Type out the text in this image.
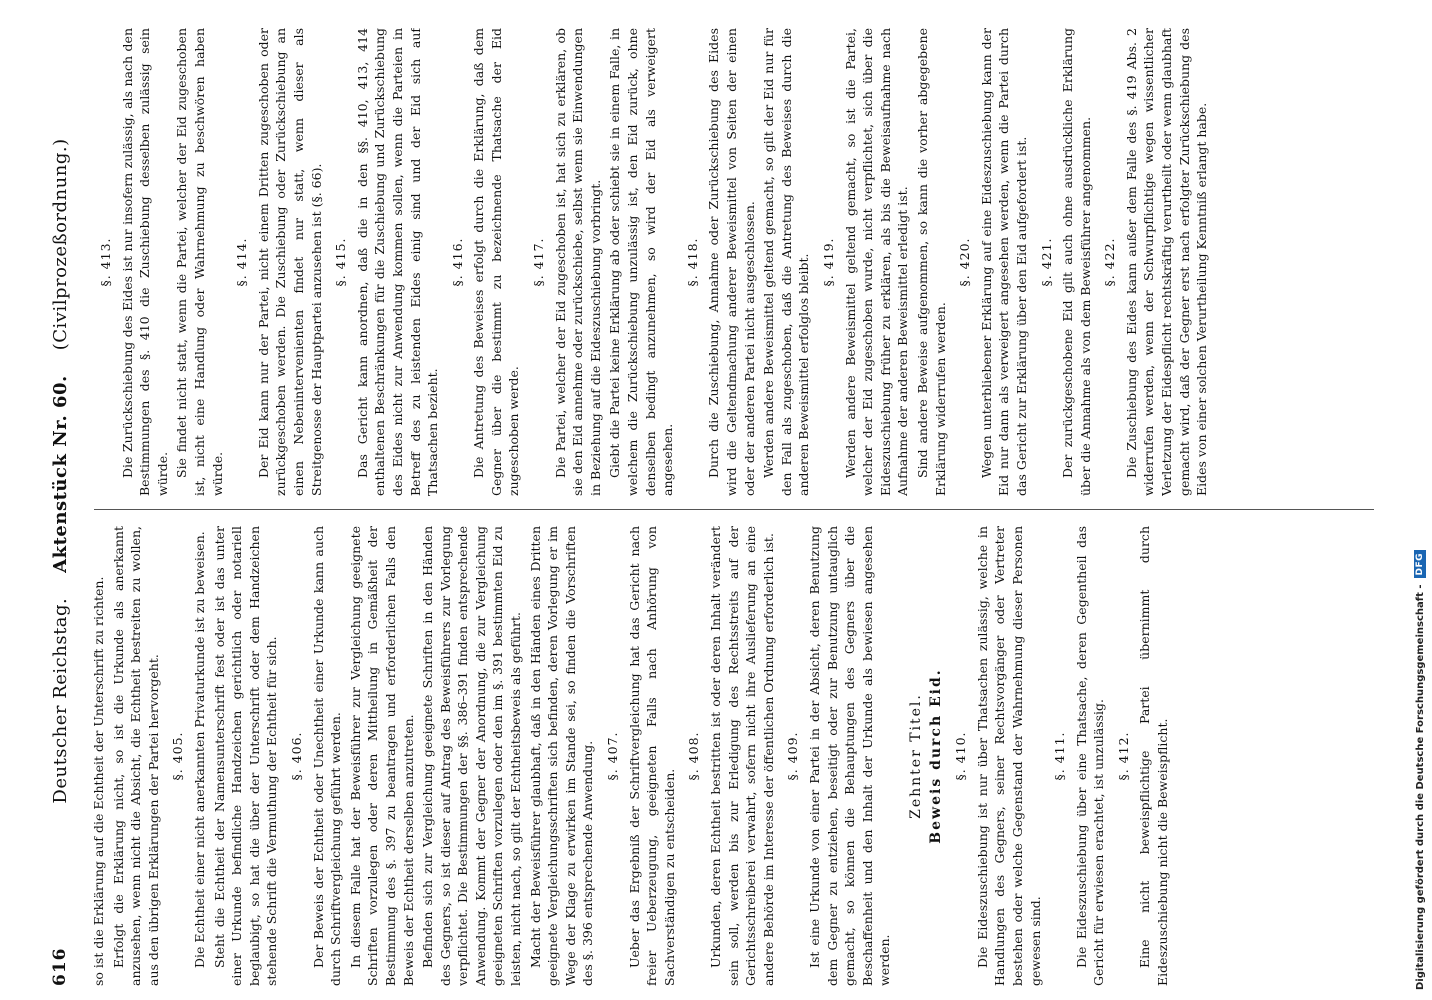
616
Deutscher Reichstag.    Aktenstück Nr. 60.    (Civilprozeßordnung.)

so ist die Erklärung auf die Echtheit der Unterschrift zu richten. Erfolgt die Erklärung nicht, so ist die Urkunde als anerkannt anzusehen, wenn nicht die Absicht, die Echtheit bestreiten zu wollen, aus den übrigen Erklärungen der Partei hervorgeht. §. 405. Die Echtheit einer nicht anerkannten Privaturkunde ist zu beweisen. Steht die Echtheit der Namensunterschrift fest oder ist das unter einer Urkunde befindliche Handzeichen gerichtlich oder notariell beglaubigt, so hat die über der Unterschrift oder dem Handzeichen stehende Schrift die Vermuthung der Echtheit für sich. §. 406. Der Beweis der Echtheit oder Unechtheit einer Urkunde kann auch durch Schriftvergleichung geführt werden. In diesem Falle hat der Beweisführer zur Vergleichung geeignete Schriften vorzulegen oder deren Mittheilung in Gemäßheit der Bestimmung des §. 397 zu beantragen und erforderlichen Falls den Beweis der Echtheit derselben anzutreten. Befinden sich zur Vergleichung geeignete Schriften in den Händen des Gegners, so ist dieser auf Antrag des Beweisführers zur Vorlegung verpflichtet. Die Bestimmungen der §§. 386–391 finden entsprechende Anwendung. Kommt der Gegner der Anordnung, die zur Vergleichung geeigneten Schriften vorzulegen oder den im §. 391 bestimmten Eid zu leisten, nicht nach, so gilt der Echtheitsbeweis als geführt. Macht der Beweisführer glaubhaft, daß in den Händen eines Dritten geeignete Vergleichungsschriften sich befinden, deren Vorlegung er im Wege der Klage zu erwirken im Stande sei, so finden die Vorschriften des §. 396 entsprechende Anwendung. §. 407. Ueber das Ergebniß der Schriftvergleichung hat das Gericht nach freier Ueberzeugung, geeigneten Falls nach Anhörung von Sachverständigen zu entscheiden.

§. 408. Urkunden, deren Echtheit bestritten ist oder deren Inhalt verändert sein soll, werden bis zur Erledigung des Rechtsstreits auf der Gerichtsschreiberei verwahrt, sofern nicht ihre Auslieferung an eine andere Behörde im Interesse der öffentlichen Ordnung erforderlich ist. §. 409. Ist eine Urkunde von einer Partei in der Absicht, deren Benutzung dem Gegner zu entziehen, beseitigt oder zur Benutzung untauglich gemacht, so können die Behauptungen des Gegners über die Beschaffenheit und den Inhalt der Urkunde als bewiesen angesehen werden.

Zehnter Titel. Beweis durch Eid. §. 410. Die Eideszuschiebung ist nur über Thatsachen zulässig, welche in Handlungen des Gegners, seiner Rechtsvorgänger oder Vertreter bestehen oder welche Gegenstand der Wahrnehmung dieser Personen gewesen sind.

§. 411. Die Eideszuschiebung über eine Thatsache, deren Gegentheil das Gericht für erwiesen erachtet, ist unzulässig. §. 412. Eine nicht beweispflichtige Partei übernimmt durch Eideszuschiebung nicht die Beweispflicht.

§. 413. Die Zurückschiebung des Eides ist nur insofern zulässig, als nach den Bestimmungen des §. 410 die Zuschiebung desselben zulässig sein würde. Sie findet nicht statt, wenn die Partei, welcher der Eid zugeschoben ist, nicht eine Handlung oder Wahrnehmung zu beschwören haben würde.

§. 414. Der Eid kann nur der Partei, nicht einem Dritten zugeschoben oder zurückgeschoben werden. Die Zuschiebung oder Zurückschiebung an einen Nebenintervenienten findet nur statt, wenn dieser als Streitgenosse der Hauptpartei anzusehen ist (§. 66). §. 415. Das Gericht kann anordnen, daß die in den §§. 410, 413, 414 enthaltenen Beschränkungen für die Zuschiebung und Zurückschiebung des Eides nicht zur Anwendung kommen sollen, wenn die Parteien in Betreff des zu leistenden Eides einig sind und der Eid sich auf Thatsachen bezieht.

§. 416. Die Antretung des Beweises erfolgt durch die Erklärung, daß dem Gegner über die bestimmt zu bezeichnende Thatsache der Eid zugeschoben werde.

§. 417. Die Partei, welcher der Eid zugeschoben ist, hat sich zu erklären, ob sie den Eid annehme oder zurückschiebe, selbst wenn sie Einwendungen in Beziehung auf die Eideszuschiebung vorbringt. Giebt die Partei keine Erklärung ab oder schiebt sie in einem Falle, in welchem die Zurückschiebung unzulässig ist, den Eid zurück, ohne denselben bedingt anzunehmen, so wird der Eid als verweigert angesehen.

§. 418. Durch die Zuschiebung, Annahme oder Zurückschiebung des Eides wird die Geltendmachung anderer Beweismittel von Seiten der einen oder der anderen Partei nicht ausgeschlossen. Werden andere Beweismittel geltend gemacht, so gilt der Eid nur für den Fall als zugeschoben, daß die Antretung des Beweises durch die anderen Beweismittel erfolglos bleibt. §. 419. Werden andere Beweismittel geltend gemacht, so ist die Partei, welcher der Eid zugeschoben wurde, nicht verpflichtet, sich über die Eideszuschiebung früher zu erklären, als bis die Beweisaufnahme nach Aufnahme der anderen Beweismittel erledigt ist. Sind andere Beweise aufgenommen, so kann die vorher abgegebene Erklärung widerrufen werden.

§. 420. Wegen unterbliebener Erklärung auf eine Eideszuschiebung kann der Eid nur dann als verweigert angesehen werden, wenn die Partei durch das Gericht zur Erklärung über den Eid aufgefordert ist. §. 421. Der zurückgeschobene Eid gilt auch ohne ausdrückliche Erklärung über die Annahme als von dem Beweisführer angenommen. §. 422. Die Zuschiebung des Eides kann außer dem Falle des §. 419 Abs. 2 widerrufen werden, wenn der Schwurpflichtige wegen wissentlicher Verletzung der Eidespflicht rechtskräftig verurtheilt oder wenn glaubhaft gemacht wird, daß der Gegner erst nach erfolgter Zurückschiebung des Eides von einer solchen Verurtheilung Kenntniß erlangt habe.

Digitalisierung gefördert durch die Deutsche Forschungsgemeinschaft -
DFG
